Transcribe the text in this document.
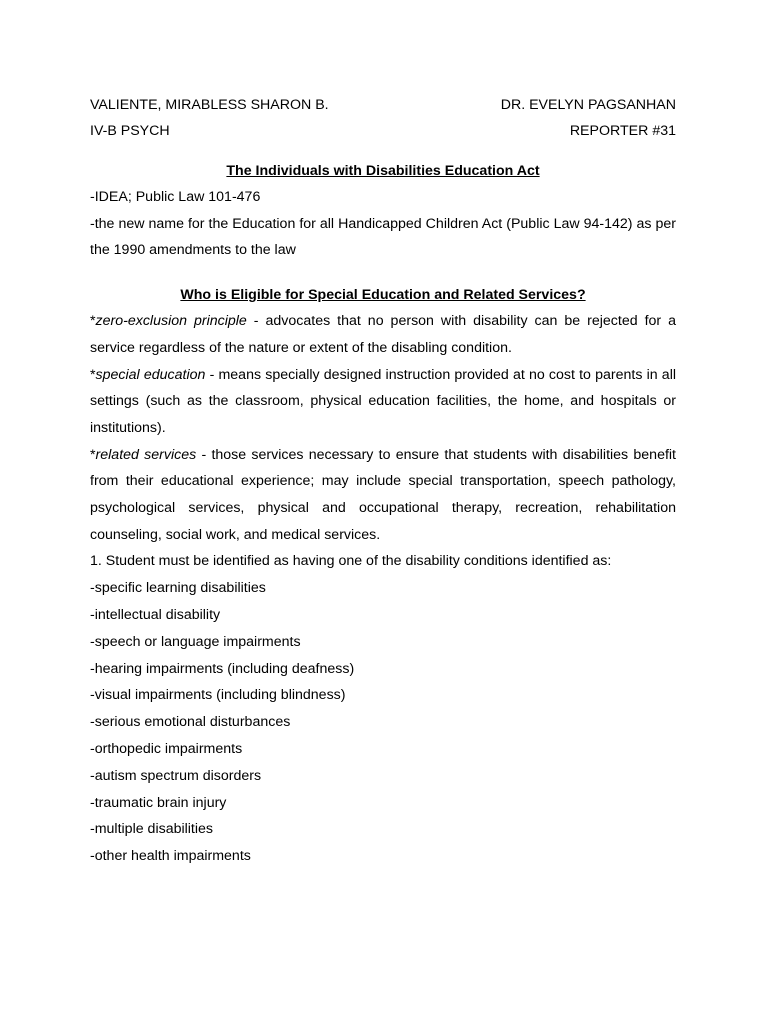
VALIENTE, MIRABLESS SHARON B.	DR. EVELYN PAGSANHAN
IV-B PSYCH	REPORTER #31
The Individuals with Disabilities Education Act

-IDEA; Public Law 101-476

-the new name for the Education for all Handicapped Children Act (Public Law 94-142) as per the 1990 amendments to the law

Who is Eligible for Special Education and Related Services?

*zero-exclusion principle - advocates that no person with disability can be rejected for a service regardless of the nature or extent of the disabling condition.

*special education - means specially designed instruction provided at no cost to parents in all settings (such as the classroom, physical education facilities, the home, and hospitals or institutions).

*related services - those services necessary to ensure that students with disabilities benefit from their educational experience; may include special transportation, speech pathology, psychological services, physical and occupational therapy, recreation, rehabilitation counseling, social work, and medical services.

1. Student must be identified as having one of the disability conditions identified as:

-specific learning disabilities
-intellectual disability
-speech or language impairments
-hearing impairments (including deafness)
-visual impairments (including blindness)
-serious emotional disturbances
-orthopedic impairments
-autism spectrum disorders
-traumatic brain injury
-multiple disabilities
-other health impairments
